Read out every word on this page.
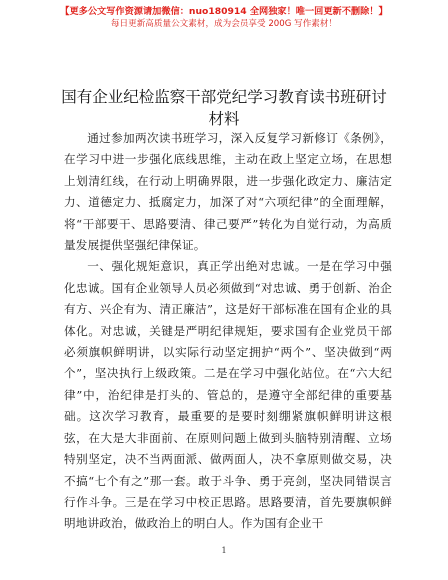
【更多公文写作资源请加微信：nuo180914 全网独家！唯一回更新不删除！】
每日更新高质量公文素材，成为会员享受 200G 写作素材！
国有企业纪检监察干部党纪学习教育读书班研讨材料

通过参加两次读书班学习，深入反复学习新修订《条例》，在学习中进一步强化底线思维，主动在政上坚定立场，在思想上划清红线，在行动上明确界限，进一步强化政定力、廉洁定力、道德定力、抵腐定力，加深了对“六项纪律”的全面理解，将“干部要干、思路要清、律己要严”转化为自觉行动，为高质量发展提供坚强纪律保证。

一、强化规矩意识，真正学出绝对忠诚。一是在学习中强化忠诚。国有企业领导人员必须做到“对忠诚、勇于创新、治企有方、兴企有为、清正廉洁”，这是好干部标准在国有企业的具体化。对忠诚，关键是严明纪律规矩，要求国有企业党员干部必须旗帜鲜明讲，以实际行动坚定拥护“两个”、坚决做到“两个”，坚决执行上级政策。二是在学习中强化站位。在“六大纪律”中，治纪律是打头的、管总的，是遵守全部纪律的重要基础。这次学习教育，最重要的是要时刻绷紧旗帜鲜明讲这根弦，在大是大非面前、在原则问题上做到头脑特别清醒、立场特别坚定，决不当两面派、做两面人，决不拿原则做交易，决不搞“七个有之”那一套。敢于斗争、勇于亮剑，坚决同错误言行作斗争。三是在学习中校正思路。思路要清，首先要旗帜鲜明地讲政治，做政治上的明白人。作为国有企业干

1
